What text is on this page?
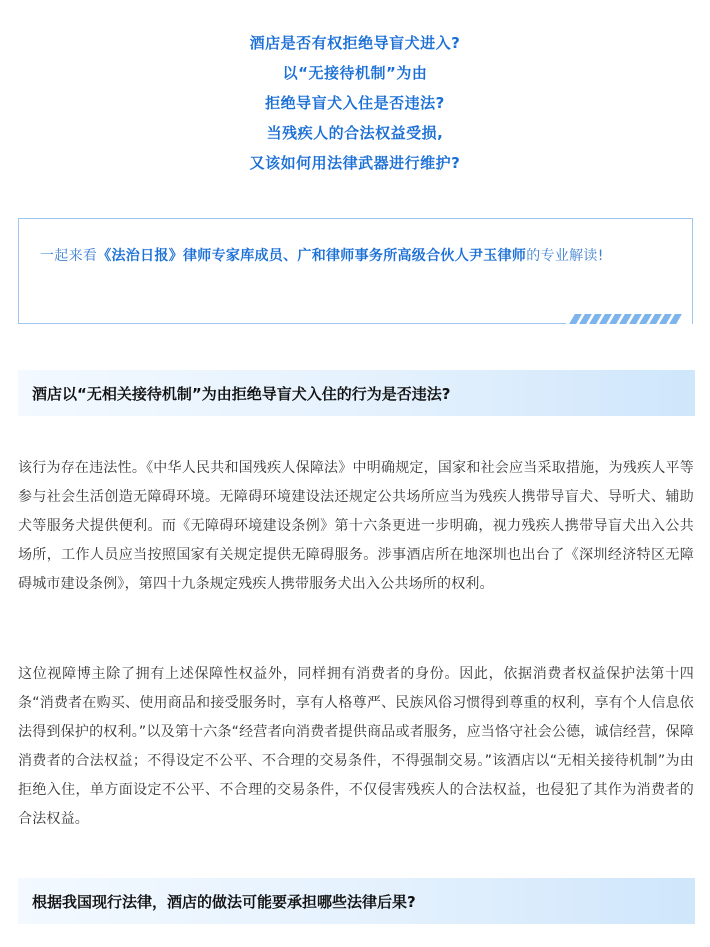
酒店是否有权拒绝导盲犬进入?
以“无接待机制”为由
拒绝导盲犬入住是否违法?
当残疾人的合法权益受损,
又该如何用法律武器进行维护?
一起来看《法治日报》律师专家库成员、广和律师事务所高级合伙人尹玉律师的专业解读!
酒店以“无相关接待机制”为由拒绝导盲犬入住的行为是否违法?
该行为存在违法性。《中华人民共和国残疾人保障法》中明确规定，国家和社会应当采取措施，为残疾人平等参与社会生活创造无障碍环境。无障碍环境建设法还规定公共场所应当为残疾人携带导盲犬、导听犬、辅助犬等服务犬提供便利。而《无障碍环境建设条例》第十六条更进一步明确，视力残疾人携带导盲犬出入公共场所，工作人员应当按照国家有关规定提供无障碍服务。涉事酒店所在地深圳也出台了《深圳经济特区无障碍城市建设条例》，第四十九条规定残疾人携带服务犬出入公共场所的权利。
这位视障博主除了拥有上述保障性权益外，同样拥有消费者的身份。因此，依据消费者权益保护法第十四条“消费者在购买、使用商品和接受服务时，享有人格尊严、民族风俗习惯得到尊重的权利，享有个人信息依法得到保护的权利。”以及第十六条“经营者向消费者提供商品或者服务，应当恪守社会公德，诚信经营，保障消费者的合法权益；不得设定不公平、不合理的交易条件，不得强制交易。”该酒店以“无相关接待机制”为由拒绝入住，单方面设定不公平、不合理的交易条件，不仅侵害残疾人的合法权益，也侵犯了其作为消费者的合法权益。
根据我国现行法律，酒店的做法可能要承担哪些法律后果?
